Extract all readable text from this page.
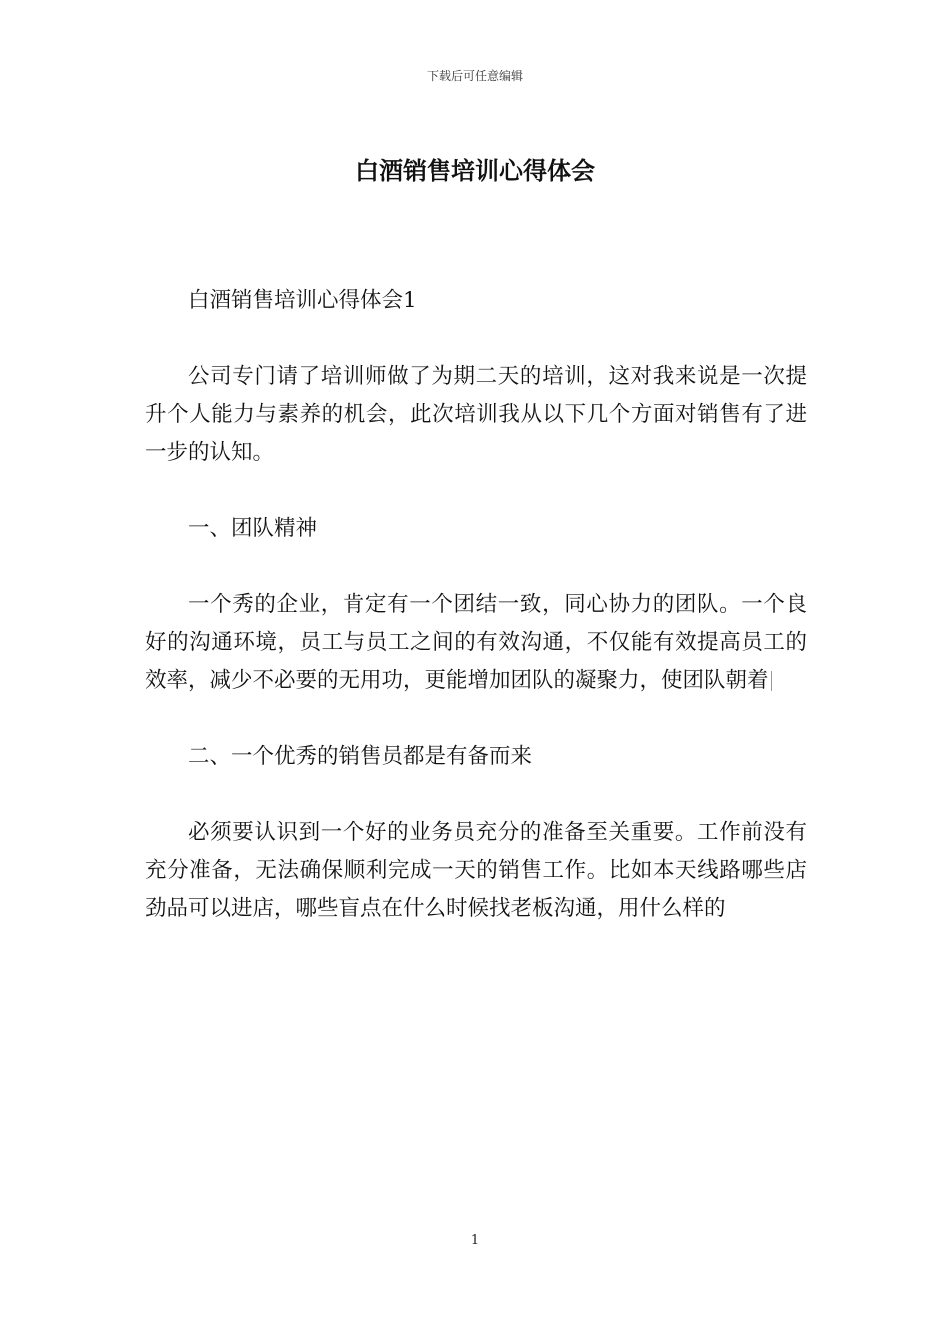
下载后可任意编辑
白酒销售培训心得体会

白酒销售培训心得体会1

公司专门请了培训师做了为期二天的培训，这对我来说是一次提升个人能力与素养的机会，此次培训我从以下几个方面对销售有了进一步的认知。

一、团队精神

一个秀的企业，肯定有一个团结一致，同心协力的团队。一个良好的沟通环境，员工与员工之间的有效沟通，不仅能有效提高员工的效率，减少不必要的无用功，更能增加团队的凝聚力，使团队朝着

二、一个优秀的销售员都是有备而来

必须要认识到一个好的业务员充分的准备至关重要。工作前没有充分准备，无法确保顺利完成一天的销售工作。比如本天线路哪些店劲品可以进店，哪些盲点在什么时候找老板沟通，用什么样的

1
